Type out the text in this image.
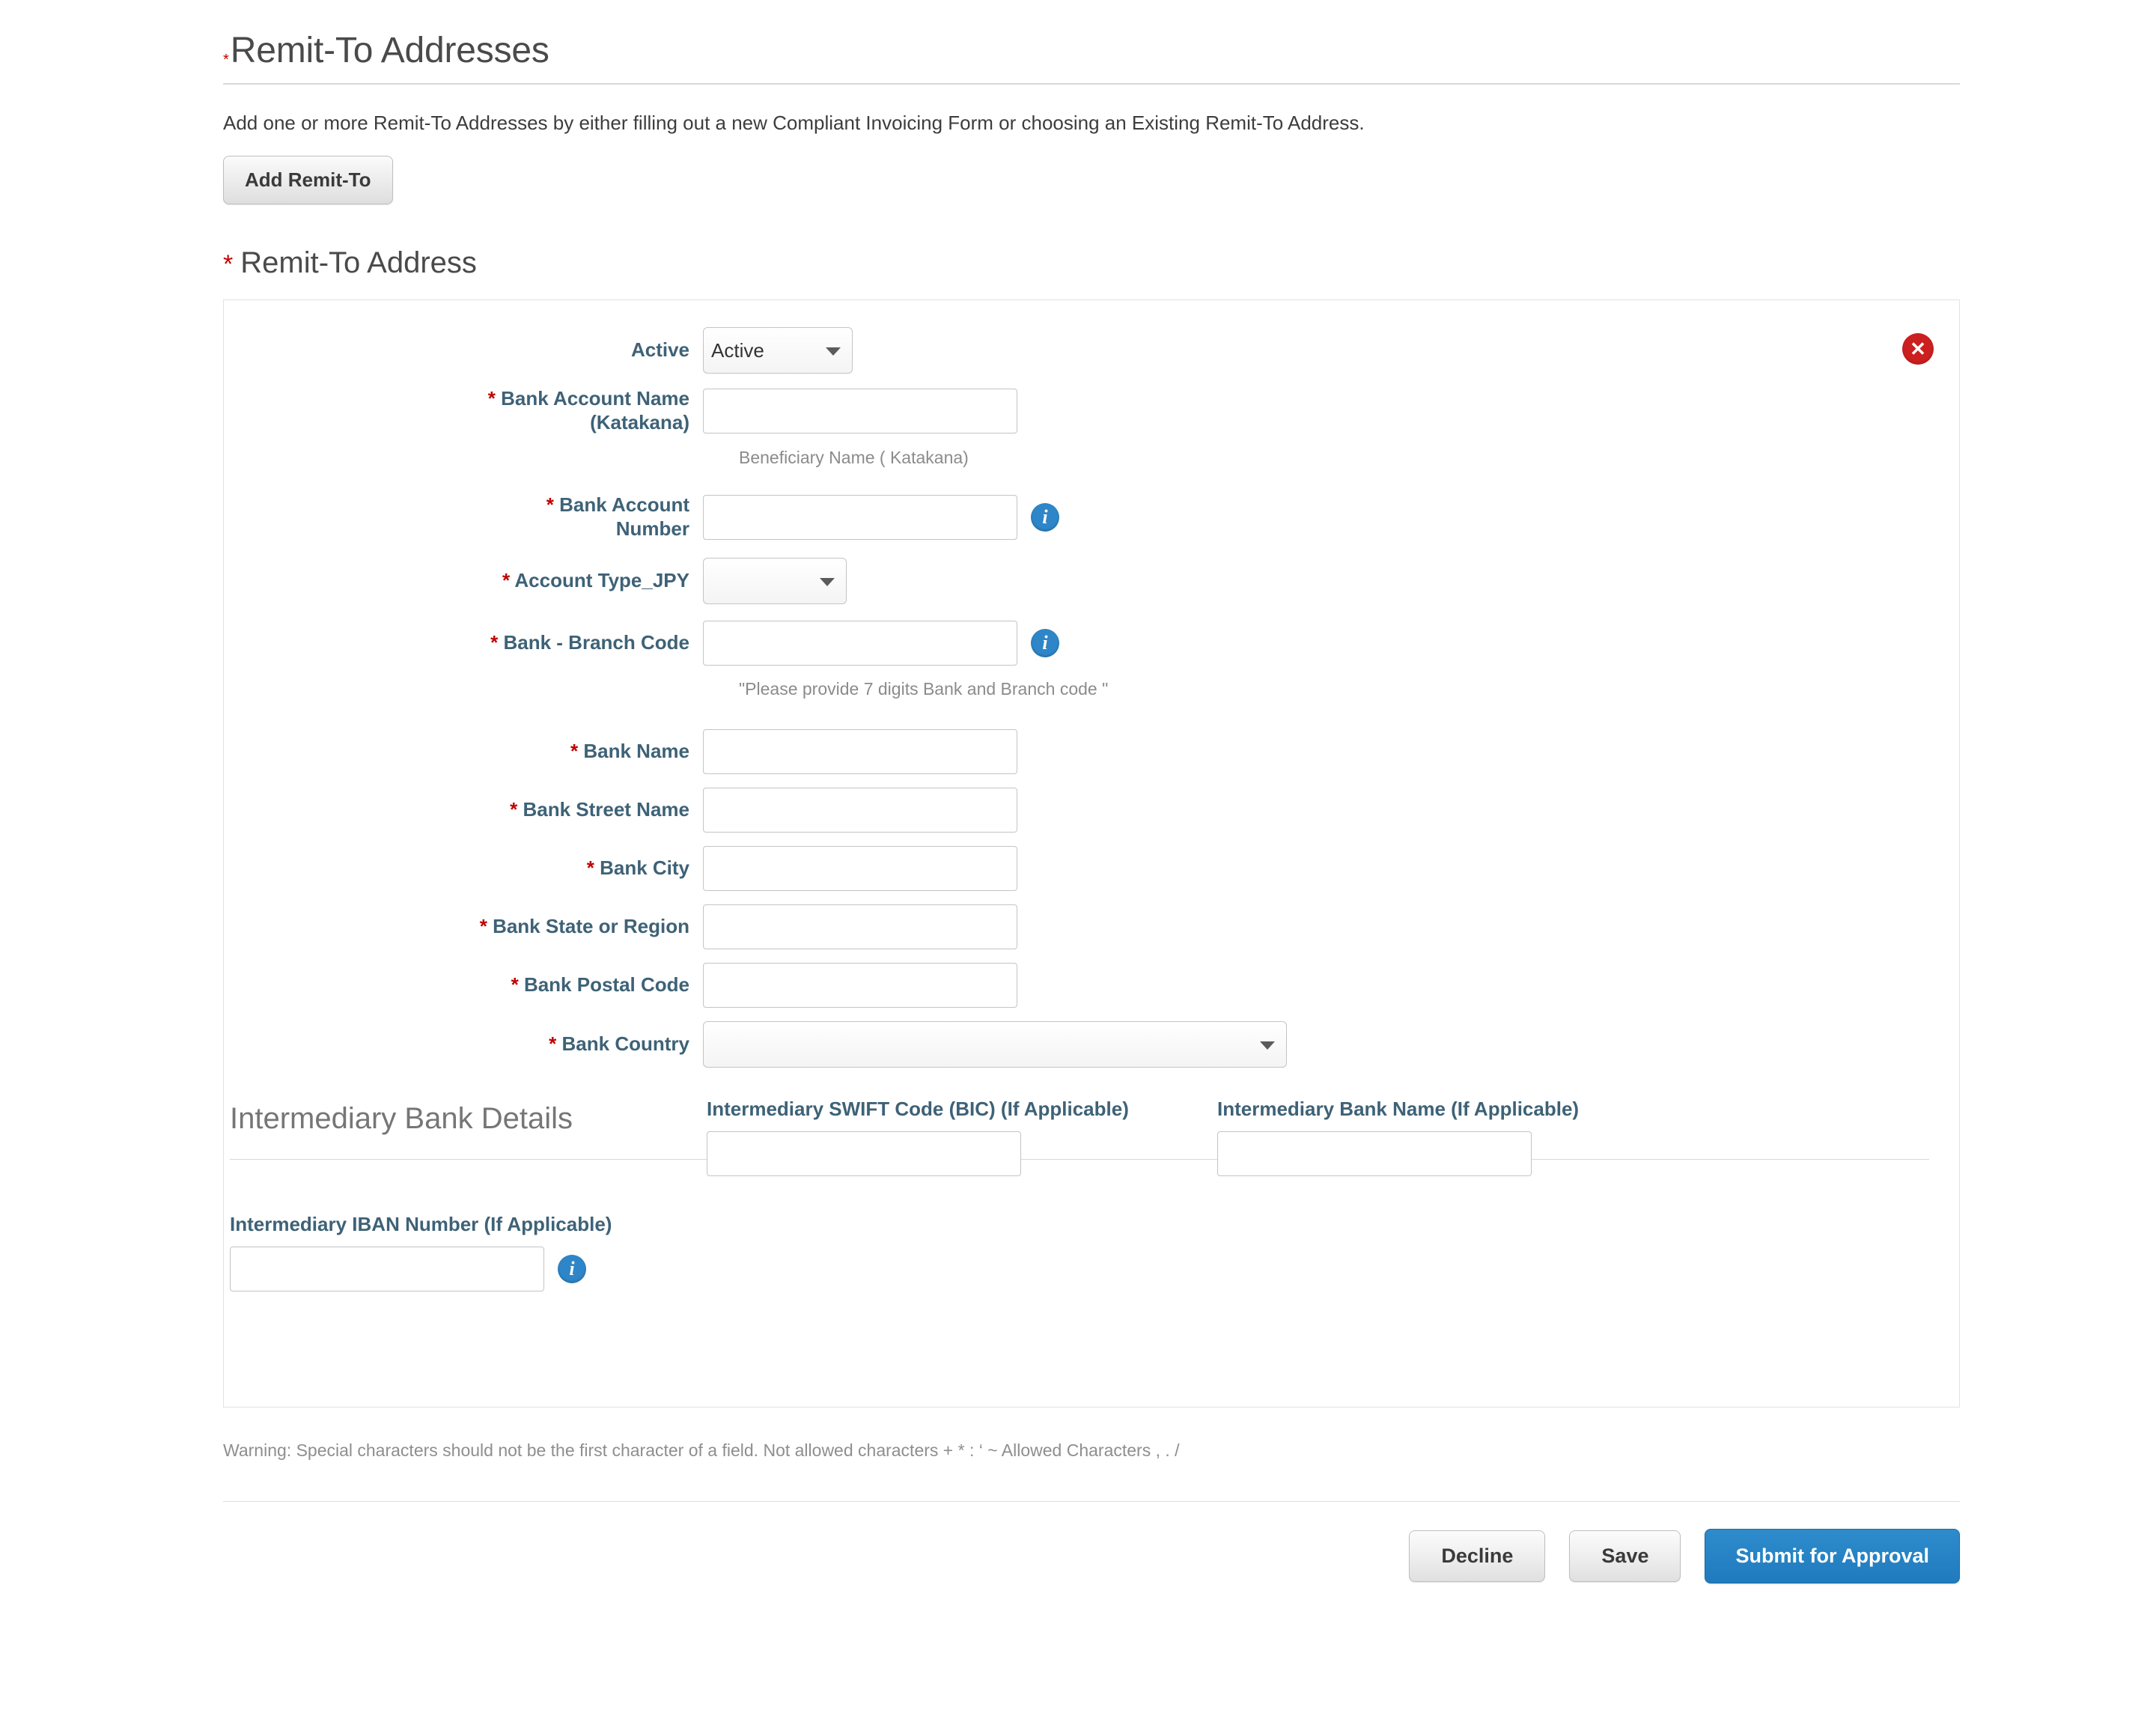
* Remit-To Addresses
Add one or more Remit-To Addresses by either filling out a new Compliant Invoicing Form or choosing an Existing Remit-To Address.
Add Remit-To
* Remit-To Address
✕
Active
Active
* Bank Account Name
(Katakana)
Beneficiary Name ( Katakana)
* Bank Account
Number
i
* Account Type_JPY
* Bank - Branch Code	i
"Please provide 7 digits Bank and Branch code "
* Bank Name
* Bank Street Name
* Bank City
* Bank State or Region
* Bank Postal Code
* Bank Country
Intermediary Bank Details	Intermediary SWIFT Code (BIC) (If Applicable)	Intermediary Bank Name (If Applicable)
Intermediary IBAN Number (If Applicable)
i
Warning: Special characters should not be the first character of a field. Not allowed characters + * : ‘ ~ Allowed Characters , . /
Decline	Save	Submit for Approval
